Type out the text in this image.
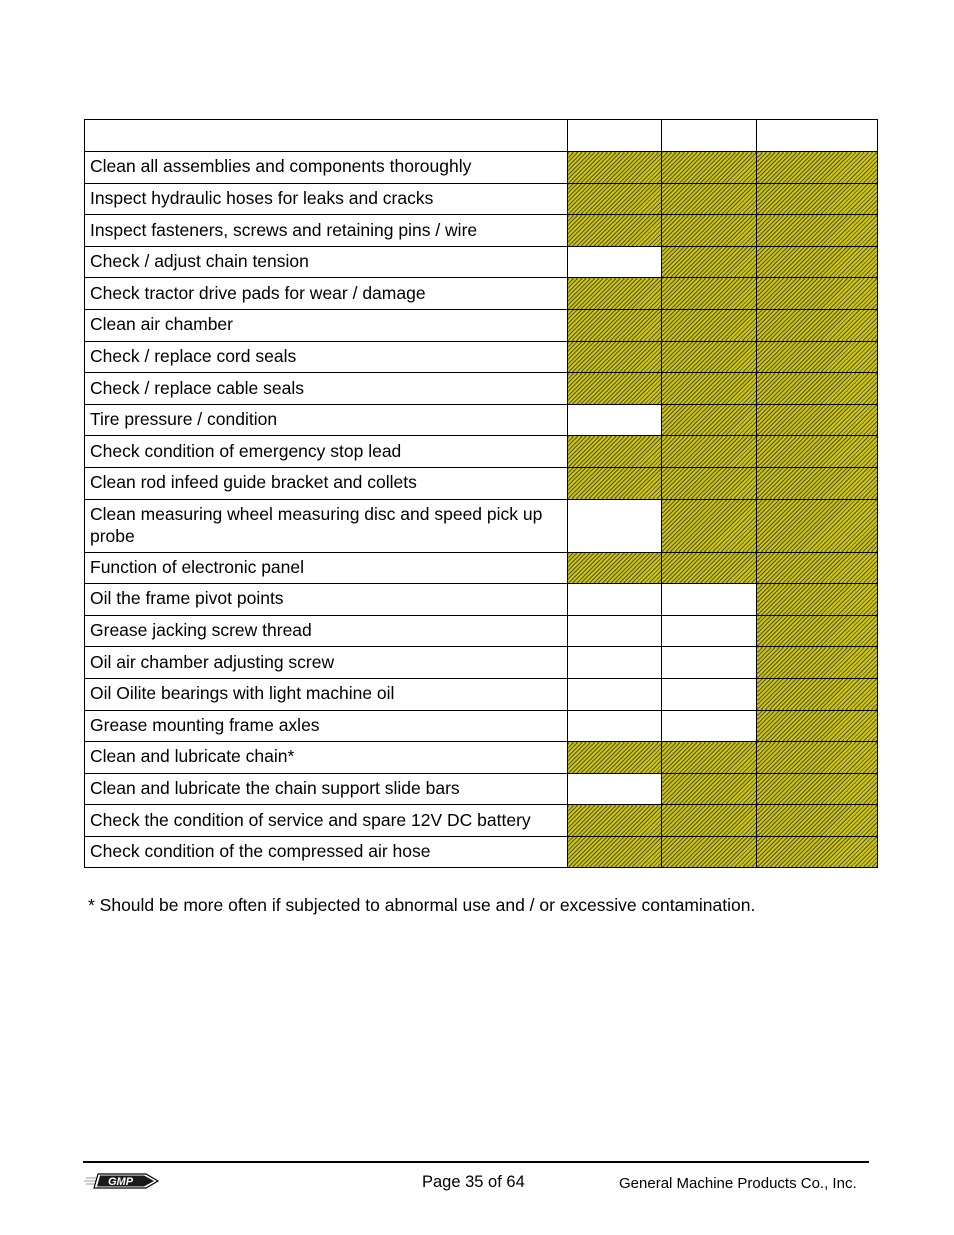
Clean all assemblies and components thoroughly			
Inspect hydraulic hoses for leaks and cracks			
Inspect fasteners, screws and retaining pins / wire			
Check / adjust chain tension			
Check tractor drive pads for wear / damage			
Clean air chamber			
Check / replace cord seals			
Check / replace cable seals			
Tire pressure / condition			
Check condition of emergency stop lead			
Clean rod infeed guide bracket and collets			
Clean measuring wheel measuring disc and speed pick up probe			
Function of electronic panel			
Oil the frame pivot points			
Grease jacking screw thread			
Oil air chamber adjusting screw			
Oil Oilite bearings with light machine oil			
Grease mounting frame axles			
Clean and lubricate chain*			
Clean and lubricate the chain support slide bars			
Check the condition of service and spare 12V DC battery			
Check condition of the compressed air hose			
* Should be more often if subjected to abnormal use and / or excessive contamination.
GMP	Page 35 of 64	General Machine Products Co., Inc.
